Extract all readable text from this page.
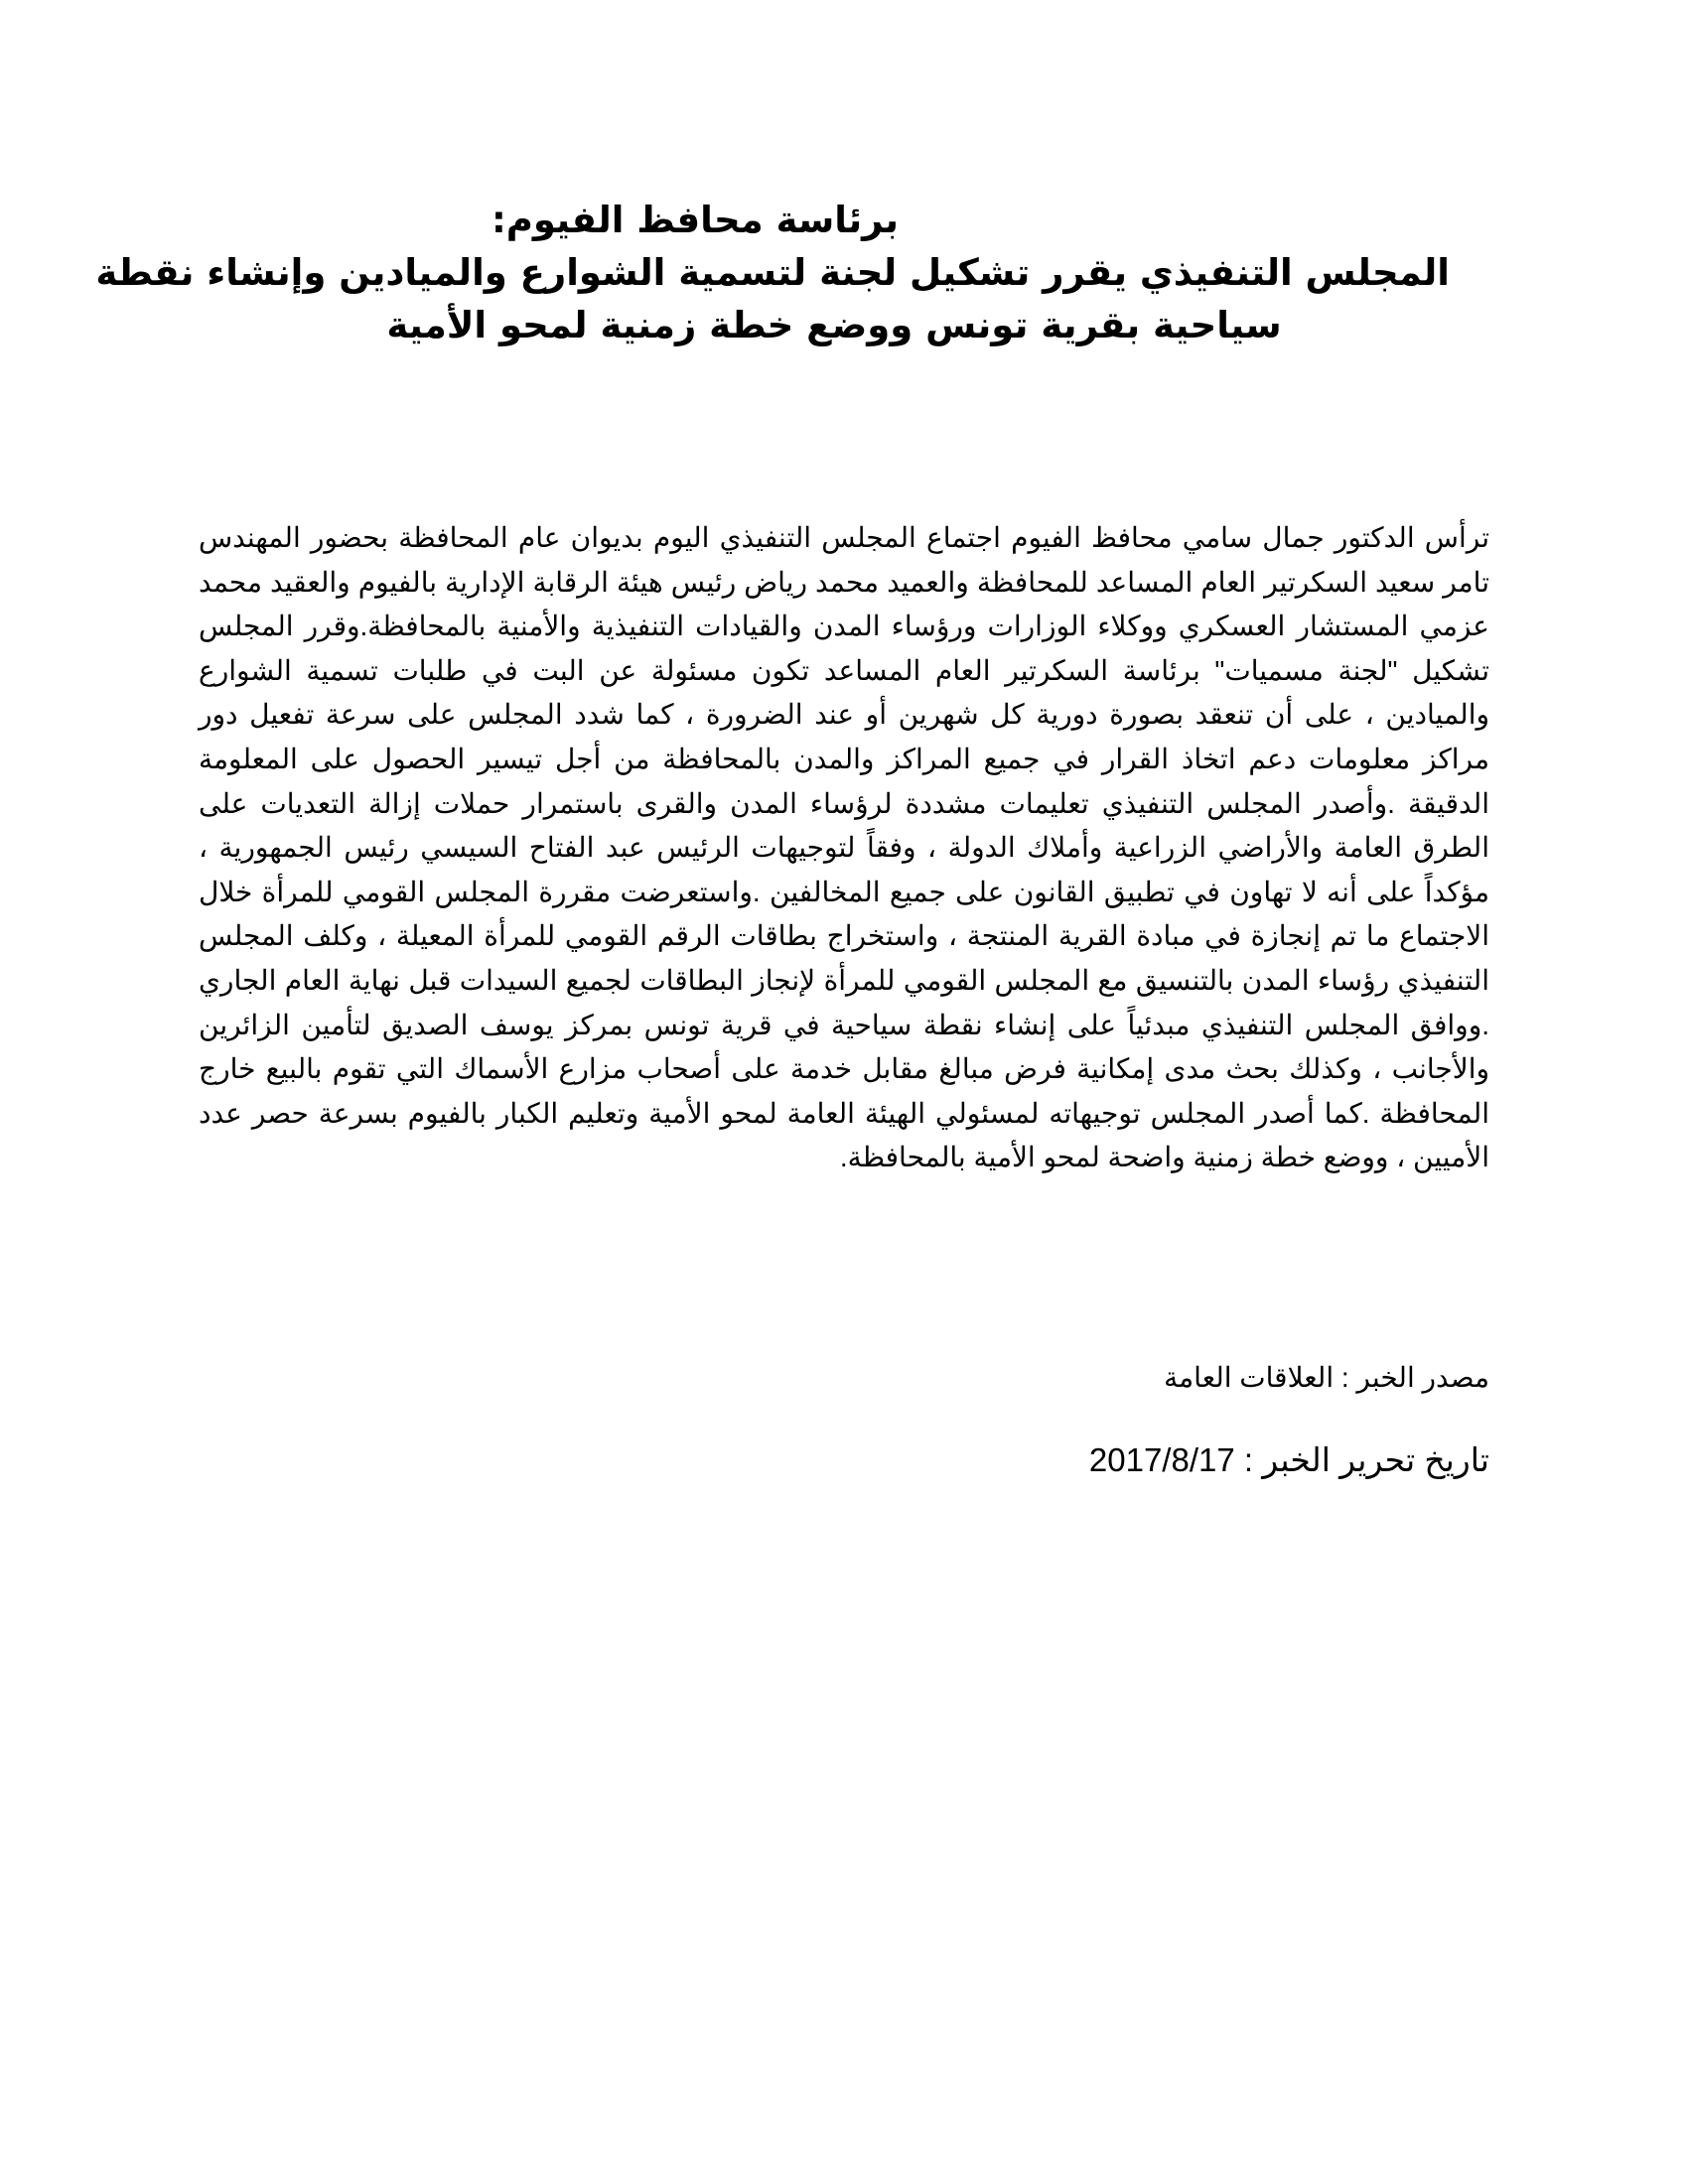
برئاسة محافظ الفيوم:

المجلس التنفيذي يقرر تشكيل لجنة لتسمية الشوارع والميادين وإنشاء نقطة

سياحية بقرية تونس ووضع خطة زمنية لمحو الأمية

ترأس الدكتور جمال سامي محافظ الفيوم اجتماع المجلس التنفيذي اليوم بديوان عام المحافظة بحضور المهندس تامر سعيد السكرتير العام المساعد للمحافظة والعميد محمد رياض رئيس هيئة الرقابة الإدارية بالفيوم والعقيد محمد عزمي المستشار العسكري ووكلاء الوزارات ورؤساء المدن والقيادات التنفيذية والأمنية بالمحافظة.وقرر المجلس تشكيل "لجنة مسميات" برئاسة السكرتير العام المساعد تكون مسئولة عن البت في طلبات تسمية الشوارع والميادين ، على أن تنعقد بصورة دورية كل شهرين أو عند الضرورة ، كما شدد المجلس على سرعة تفعيل دور مراكز معلومات دعم اتخاذ القرار في جميع المراكز والمدن بالمحافظة من أجل تيسير الحصول على المعلومة الدقيقة .وأصدر المجلس التنفيذي تعليمات مشددة لرؤساء المدن والقرى باستمرار حملات إزالة التعديات على الطرق العامة والأراضي الزراعية وأملاك الدولة ، وفقاً لتوجيهات الرئيس عبد الفتاح السيسي رئيس الجمهورية ، مؤكداً على أنه لا تهاون في تطبيق القانون على جميع المخالفين .واستعرضت مقررة المجلس القومي للمرأة خلال الاجتماع ما تم إنجازة في مبادة القرية المنتجة ، واستخراج بطاقات الرقم القومي للمرأة المعيلة ، وكلف المجلس التنفيذي رؤساء المدن بالتنسيق مع المجلس القومي للمرأة لإنجاز البطاقات لجميع السيدات قبل نهاية العام الجاري .ووافق المجلس التنفيذي مبدئياً على إنشاء نقطة سياحية في قرية تونس بمركز يوسف الصديق لتأمين الزائرين والأجانب ، وكذلك بحث مدى إمكانية فرض مبالغ مقابل خدمة على أصحاب مزارع الأسماك التي تقوم بالبيع خارج المحافظة .كما أصدر المجلس توجيهاته لمسئولي الهيئة العامة لمحو الأمية وتعليم الكبار بالفيوم بسرعة حصر عدد الأميين ، ووضع خطة زمنية واضحة لمحو الأمية بالمحافظة.

مصدر الخبر : العلاقات العامة

تاريخ تحرير الخبر : 2017/8/17
